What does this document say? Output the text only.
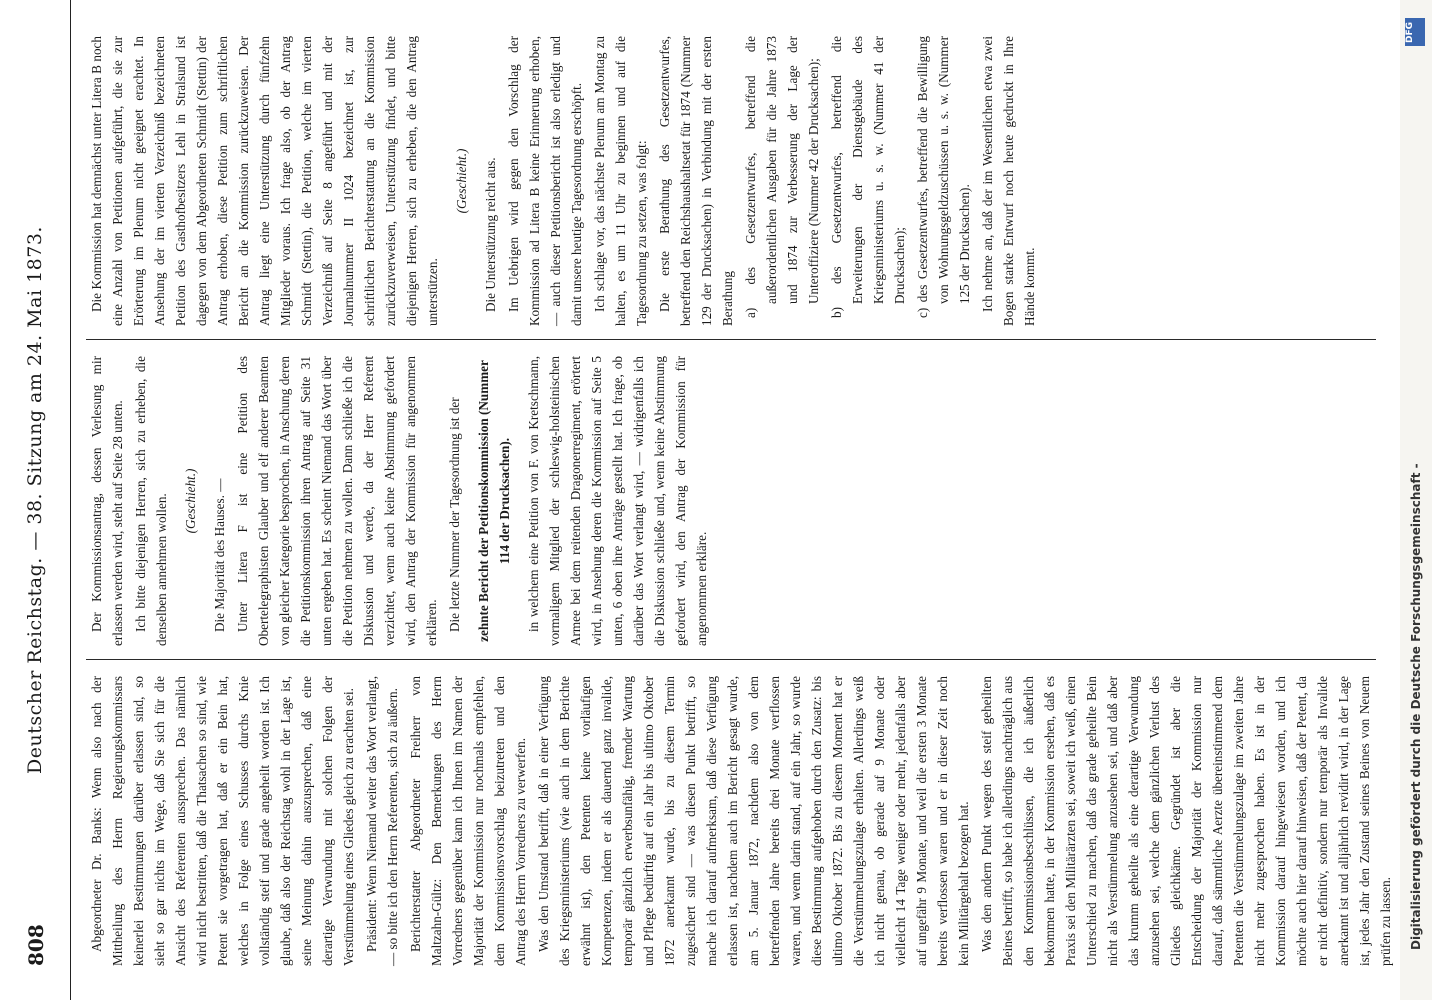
808
Deutscher Reichstag. — 38. Sitzung am 24. Mai 1873.

Abgeordneter Dr. Banks: Wenn also nach der Mittheilung des Herrn Regierungskommissars keinerlei Bestimmungen darüber erlassen sind, so sieht so gar nichts im Wege, daß Sie sich für die Ansicht des Referenten aussprechen. Das nämlich wird nicht bestritten, daß die Thatsachen so sind, wie Petent sie vorgetragen hat, daß er ein Bein hat, welches in Folge eines Schusses durchs Knie vollständig steif und grade angeheilt worden ist. Ich glaube, daß also der Reichstag wohl in der Lage ist, seine Meinung dahin auszusprechen, daß eine derartige Verwundung mit solchen Folgen der Verstümmelung eines Gliedes gleich zu erachten sei. Präsident: Wenn Niemand weiter das Wort verlangt, — so bitte ich den Herrn Referenten, sich zu äußern. Berichterstatter Abgeordneter Freiherr von Maltzahn-Gültz: Den Bemerkungen des Herrn Vorredners gegenüber kann ich Ihnen im Namen der Majorität der Kommission nur nochmals empfehlen, dem Kommissionsvorschlag beizutreten und den Antrag des Herrn Vorredners zu verwerfen. Was den Umstand betrifft, daß in einer Verfügung des Kriegsministeriums (wie auch in dem Berichte erwähnt ist), den Petenten keine vorläufigen Kompetenzen, indem er als dauernd ganz invalide, temporär gänzlich erwerbsunfähig, fremder Wartung und Pflege bedürftig auf ein Jahr bis ultimo Oktober 1872 anerkannt wurde, bis zu diesem Termin zugesichert sind — was diesen Punkt betrifft, so mache ich darauf aufmerksam, daß diese Verfügung erlassen ist, nachdem auch im Bericht gesagt wurde, am 5. Januar 1872, nachdem also von dem betreffenden Jahre bereits drei Monate verflossen waren, und wenn darin stand, auf ein Jahr, so wurde diese Bestimmung aufgehoben durch den Zusatz: bis ultimo Oktober 1872. Bis zu diesem Moment hat er die Verstümmelungszulage erhalten. Allerdings weiß ich nicht genau, ob gerade auf 9 Monate oder vielleicht 14 Tage weniger oder mehr, jedenfalls aber auf ungefähr 9 Monate, und weil die ersten 3 Monate bereits verflossen waren und er in dieser Zeit noch kein Militärgehalt bezogen hat. Was den andern Punkt wegen des steif geheilten Beines betrifft, so habe ich allerdings nachträglich aus den Kommissionsbeschlüssen, die ich äußerlich bekommen hatte, in der Kommission ersehen, daß es Praxis sei den Militärärzten sei, soweit ich weiß, einen Unterschied zu machen, daß das grade geheilte Bein nicht als Verstümmelung anzusehen sei, und daß aber das krumm geheilte als eine derartige Verwundung anzusehen sei, welche dem gänzlichen Verlust des Gliedes gleichkäme. Gegründet ist aber die Entscheidung der Majorität der Kommission nur darauf, daß sämmtliche Aerzte übereinstimmend dem Petenten die Verstümmelungszulage im zweiten Jahre nicht mehr zugesprochen haben. Es ist in der Kommission darauf hingewiesen worden, und ich möchte auch hier darauf hinweisen, daß der Petent, da er nicht definitiv, sondern nur temporär als Invalide anerkannt ist und alljährlich revidirt wird, in der Lage ist, jedes Jahr den Zustand seines Beines von Neuem prüfen zu lassen.

Der Kommissionsantrag, dessen Verlesung mir erlassen werden wird, steht auf Seite 28 unten. Ich bitte diejenigen Herren, sich zu erheben, die denselben annehmen wollen. (Geschieht.) Die Majorität des Hauses. — Unter Litera F ist eine Petition des Obertelegraphisten Glauber und elf anderer Beamten von gleicher Kategorie besprochen, in Anschung deren die Petitionskommission ihren Antrag auf Seite 31 unten ergeben hat. Es scheint Niemand das Wort über die Petition nehmen zu wollen. Dann schließe ich die Diskussion und werde, da der Herr Referent verzichtet, wenn auch keine Abstimmung gefordert wird, den Antrag der Kommission für angenommen erklären. Die letzte Nummer der Tagesordnung ist der zehnte Bericht der Petitionskommission (Nummer 114 der Drucksachen). in welchem eine Petition von F. von Kretschmann, vormaligem Mitglied der schleswig-holsteinischen Armee bei dem reitenden Dragonerregiment, erörtert wird, in Ansehung deren die Kommission auf Seite 5 unten, 6 oben ihre Anträge gestellt hat. Ich frage, ob darüber das Wort verlangt wird, — widrigenfalls ich die Diskussion schließe und, wenn keine Abstimmung gefordert wird, den Antrag der Kommission für angenommen erkläre.

Die Kommission hat demnächst unter Litera B noch eine Anzahl von Petitionen aufgeführt, die sie zur Erörterung im Plenum nicht geeignet erachtet. In Ansehung der im vierten Verzeichniß bezeichneten Petition des Gasthofbesitzers Lehl in Stralsund ist dagegen von dem Abgeordneten Schmidt (Stettin) der Antrag erhoben, diese Petition zum schriftlichen Bericht an die Kommission zurückzuweisen. Der Antrag liegt eine Unterstützung durch fünfzehn Mitglieder voraus. Ich frage also, ob der Antrag Schmidt (Stettin), die Petition, welche im vierten Verzeichniß auf Seite 8 angeführt und mit der Journalnummer II 1024 bezeichnet ist, zur schriftlichen Berichterstattung an die Kommission zurückzuverweisen, Unterstützung findet, und bitte diejenigen Herren, sich zu erheben, die den Antrag unterstützen.

(Geschieht.) Die Unterstützung reicht aus. Im Uebrigen wird gegen den Vorschlag der Kommission ad Litera B keine Erinnerung erhoben, — auch dieser Petitionsbericht ist also erledigt und damit unsere heutige Tagesordnung erschöpft. Ich schlage vor, das nächste Plenum am Montag zu halten, es um 11 Uhr zu beginnen und auf die Tagesordnung zu setzen, was folgt: Die erste Berathung des Gesetzentwurfes, betreffend den Reichshaushaltsetat für 1874 (Nummer 129 der Drucksachen) in Verbindung mit der ersten Berathung a) des Gesetzentwurfes, betreffend die außerordentlichen Ausgaben für die Jahre 1873 und 1874 zur Verbesserung der Lage der Unteroffiziere (Nummer 42 der Drucksachen); b) des Gesetzentwurfes, betreffend die Erweiterungen der Dienstgebäude des Kriegsministeriums u. s. w. (Nummer 41 der Drucksachen); c) des Gesetzentwurfes, betreffend die Bewilligung von Wohnungsgeldzuschüssen u. s. w. (Nummer 125 der Drucksachen). Ich nehme an, daß der im Wesentlichen etwa zwei Bogen starke Entwurf noch heute gedruckt in Ihre Hände kommt.

Digitalisierung gefördert durch die Deutsche Forschungsgemeinschaft -
DFG
